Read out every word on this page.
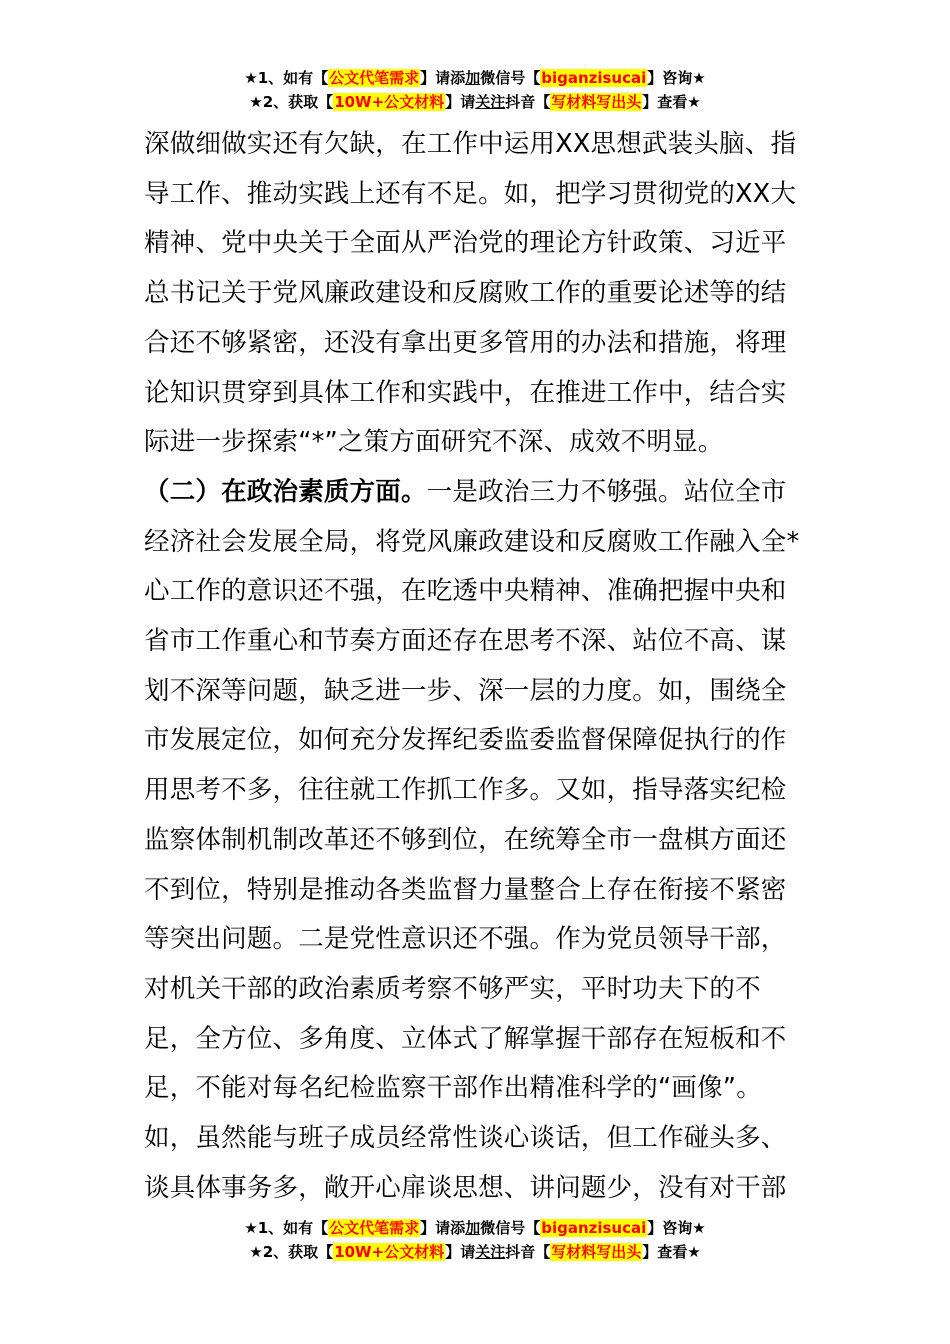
★1、如有【公文代笔需求】请添加微信号【biganzisucai】咨询★
★2、获取【10W+公文材料】请关注抖音【写材料写出头】查看★
深做细做实还有欠缺，在工作中运用XX思想武装头脑、指
导工作、推动实践上还有不足。如，把学习贯彻党的XX大
精神、党中央关于全面从严治党的理论方针政策、习近平
总书记关于党风廉政建设和反腐败工作的重要论述等的结
合还不够紧密，还没有拿出更多管用的办法和措施，将理
论知识贯穿到具体工作和实践中，在推进工作中，结合实
际进一步探索“*”之策方面研究不深、成效不明显。
（二）在政治素质方面。一是政治三力不够强。站位全市
经济社会发展全局，将党风廉政建设和反腐败工作融入全*
心工作的意识还不强，在吃透中央精神、准确把握中央和
省市工作重心和节奏方面还存在思考不深、站位不高、谋
划不深等问题，缺乏进一步、深一层的力度。如，围绕全
市发展定位，如何充分发挥纪委监委监督保障促执行的作
用思考不多，往往就工作抓工作多。又如，指导落实纪检
监察体制机制改革还不够到位，在统筹全市一盘棋方面还
不到位，特别是推动各类监督力量整合上存在衔接不紧密
等突出问题。二是党性意识还不强。作为党员领导干部，
对机关干部的政治素质考察不够严实，平时功夫下的不
足，全方位、多角度、立体式了解掌握干部存在短板和不
足，不能对每名纪检监察干部作出精准科学的“画像”。
如，虽然能与班子成员经常性谈心谈话，但工作碰头多、
谈具体事务多，敞开心扉谈思想、讲问题少，没有对干部
★1、如有【公文代笔需求】请添加微信号【biganzisucai】咨询★
★2、获取【10W+公文材料】请关注抖音【写材料写出头】查看★
